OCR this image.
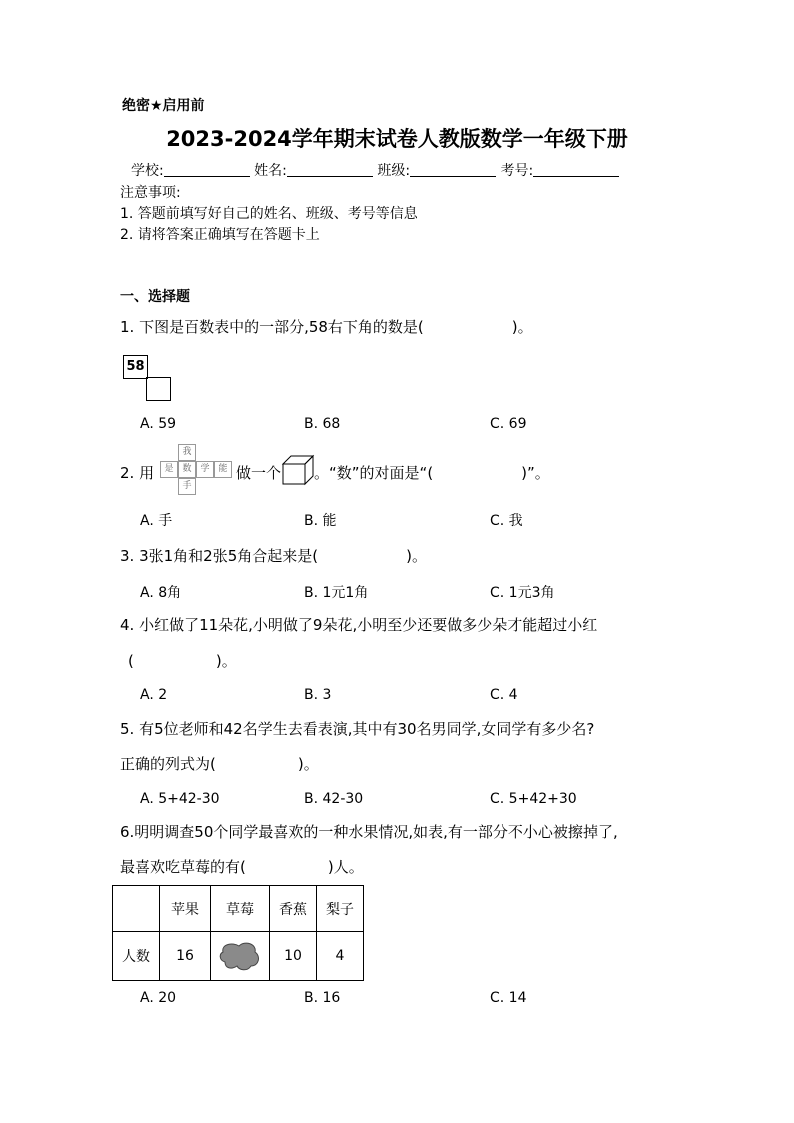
绝密★启用前
2023-2024学年期末试卷人教版数学一年级下册
学校:	姓名:	班级:	考号:
注意事项:
1. 答题前填写好自己的姓名、班级、考号等信息
2. 请将答案正确填写在答题卡上
一、选择题
1. 下图是百数表中的一部分,58右下角的数是(	)。
58
A. 59	B. 68	C. 69
2. 用
我
是 数 学 能
手
做一个 。“数”的对面是“(	)”。
A. 手	B. 能	C. 我
3. 3张1角和2张5角合起来是(	)。
A. 8角	B. 1元1角	C. 1元3角
4. 小红做了11朵花,小明做了9朵花,小明至少还要做多少朵才能超过小红
(	)。
A. 2	B. 3	C. 4
5. 有5位老师和42名学生去看表演,其中有30名男同学,女同学有多少名?
正确的列式为(	)。
A. 5+42-30	B. 42-30	C. 5+42+30
6.明明调查50个同学最喜欢的一种水果情况,如表,有一部分不小心被擦掉了,
最喜欢吃草莓的有(	)人。
	苹果	草莓	香蕉	梨子
人数	16		10	4
A. 20	B. 16	C. 14
